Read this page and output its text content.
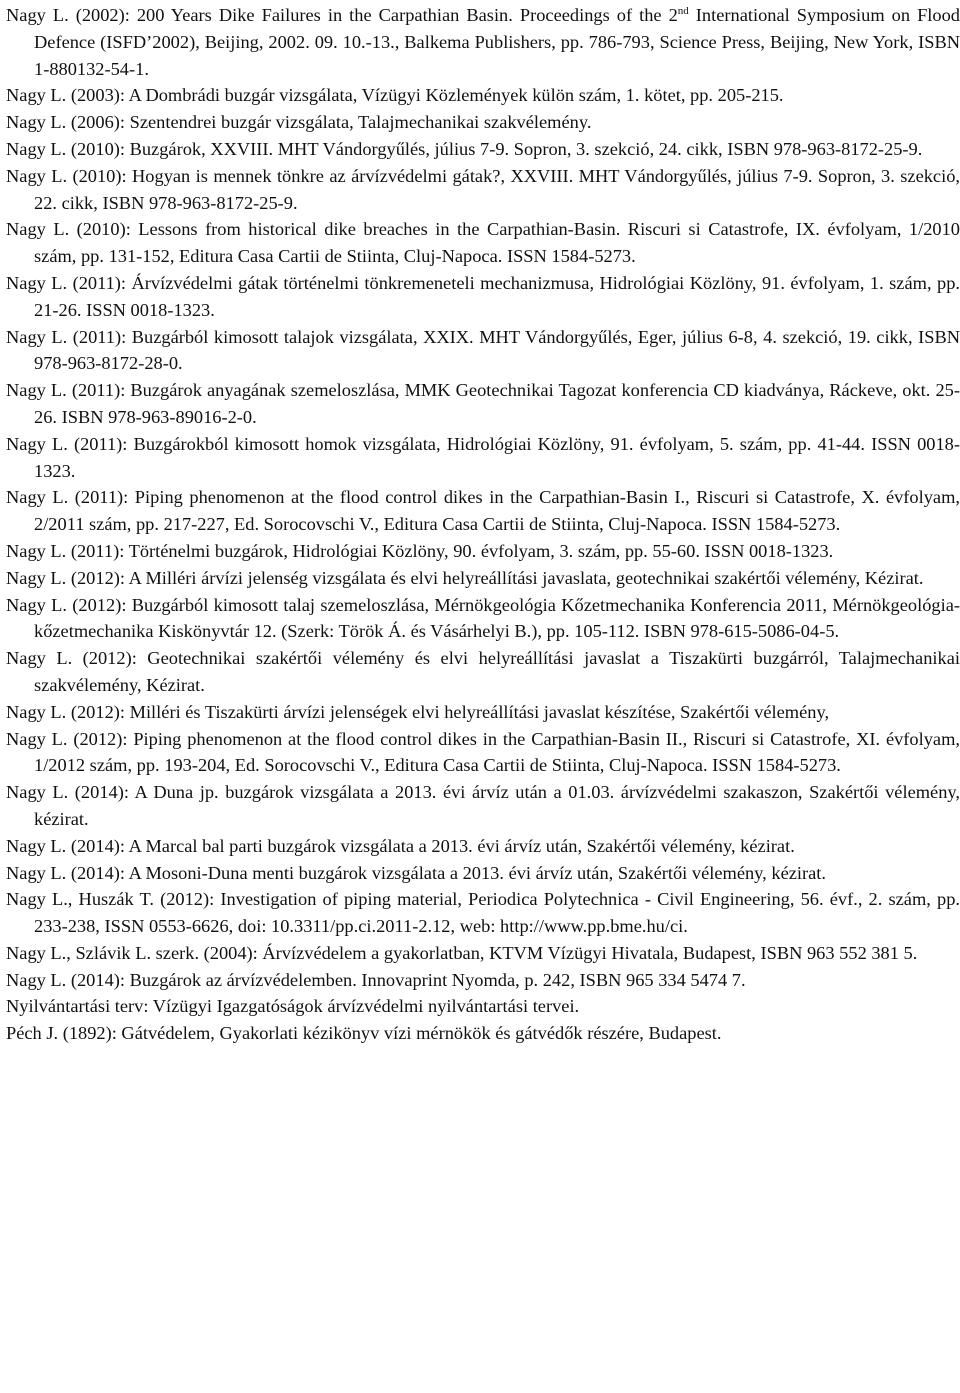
Nagy L. (2002): 200 Years Dike Failures in the Carpathian Basin. Proceedings of the 2nd International Symposium on Flood Defence (ISFD’2002), Beijing, 2002. 09. 10.-13., Balkema Publishers, pp. 786-793, Science Press, Beijing, New York, ISBN 1-880132-54-1.

Nagy L. (2003): A Dombrádi buzgár vizsgálata, Vízügyi Közlemények külön szám, 1. kötet, pp. 205-215.

Nagy L. (2006): Szentendrei buzgár vizsgálata, Talajmechanikai szakvélemény.

Nagy L. (2010): Buzgárok, XXVIII. MHT Vándorgyűlés, július 7-9. Sopron, 3. szekció, 24. cikk, ISBN 978-963-8172-25-9.

Nagy L. (2010): Hogyan is mennek tönkre az árvízvédelmi gátak?, XXVIII. MHT Vándorgyűlés, július 7-9. Sopron, 3. szekció, 22. cikk, ISBN 978-963-8172-25-9.

Nagy L. (2010): Lessons from historical dike breaches in the Carpathian-Basin. Riscuri si Catastrofe, IX. évfolyam, 1/2010 szám, pp. 131-152, Editura Casa Cartii de Stiinta, Cluj-Napoca. ISSN 1584-5273.

Nagy L. (2011): Árvízvédelmi gátak történelmi tönkremeneteli mechanizmusa, Hidrológiai Közlöny, 91. évfolyam, 1. szám, pp. 21-26. ISSN 0018-1323.

Nagy L. (2011): Buzgárból kimosott talajok vizsgálata, XXIX. MHT Vándorgyűlés, Eger, július 6-8, 4. szekció, 19. cikk, ISBN 978-963-8172-28-0.

Nagy L. (2011): Buzgárok anyagának szemeloszlása, MMK Geotechnikai Tagozat konferencia CD kiadványa, Ráckeve, okt. 25-26. ISBN 978-963-89016-2-0.

Nagy L. (2011): Buzgárokból kimosott homok vizsgálata, Hidrológiai Közlöny, 91. évfolyam, 5. szám, pp. 41-44. ISSN 0018-1323.

Nagy L. (2011): Piping phenomenon at the flood control dikes in the Carpathian-Basin I., Riscuri si Catastrofe, X. évfolyam, 2/2011 szám, pp. 217-227, Ed. Sorocovschi V., Editura Casa Cartii de Stiinta, Cluj-Napoca. ISSN 1584-5273.

Nagy L. (2011): Történelmi buzgárok, Hidrológiai Közlöny, 90. évfolyam, 3. szám, pp. 55-60. ISSN 0018-1323.

Nagy L. (2012): A Milléri árvízi jelenség vizsgálata és elvi helyreállítási javaslata, geotechnikai szakértői vélemény, Kézirat.

Nagy L. (2012): Buzgárból kimosott talaj szemeloszlása, Mérnökgeológia Kőzetmechanika Konferencia 2011, Mérnökgeológia-kőzetmechanika Kiskönyvtár 12. (Szerk: Török Á. és Vásárhelyi B.), pp. 105-112. ISBN 978-615-5086-04-5.

Nagy L. (2012): Geotechnikai szakértői vélemény és elvi helyreállítási javaslat a Tiszakürti buzgárról, Talajmechanikai szakvélemény, Kézirat.

Nagy L. (2012): Milléri és Tiszakürti árvízi jelenségek elvi helyreállítási javaslat készítése, Szakértői vélemény,

Nagy L. (2012): Piping phenomenon at the flood control dikes in the Carpathian-Basin II., Riscuri si Catastrofe, XI. évfolyam, 1/2012 szám, pp. 193-204, Ed. Sorocovschi V., Editura Casa Cartii de Stiinta, Cluj-Napoca. ISSN 1584-5273.

Nagy L. (2014): A Duna jp. buzgárok vizsgálata a 2013. évi árvíz után a 01.03. árvízvédelmi szakaszon, Szakértői vélemény, kézirat.

Nagy L. (2014): A Marcal bal parti buzgárok vizsgálata a 2013. évi árvíz után, Szakértői vélemény, kézirat.

Nagy L. (2014): A Mosoni-Duna menti buzgárok vizsgálata a 2013. évi árvíz után, Szakértői vélemény, kézirat.

Nagy L., Huszák T. (2012): Investigation of piping material, Periodica Polytechnica - Civil Engineering, 56. évf., 2. szám, pp. 233-238, ISSN 0553-6626, doi: 10.3311/pp.ci.2011-2.12, web: http://www.pp.bme.hu/ci.

Nagy L., Szlávik L. szerk. (2004): Árvízvédelem a gyakorlatban, KTVM Vízügyi Hivatala, Budapest, ISBN 963 552 381 5.

Nagy L. (2014): Buzgárok az árvízvédelemben. Innovaprint Nyomda, p. 242, ISBN 965 334 5474 7.

Nyilvántartási terv: Vízügyi Igazgatóságok árvízvédelmi nyilvántartási tervei.

Péch J. (1892): Gátvédelem, Gyakorlati kézikönyv vízi mérnökök és gátvédők részére, Budapest.
